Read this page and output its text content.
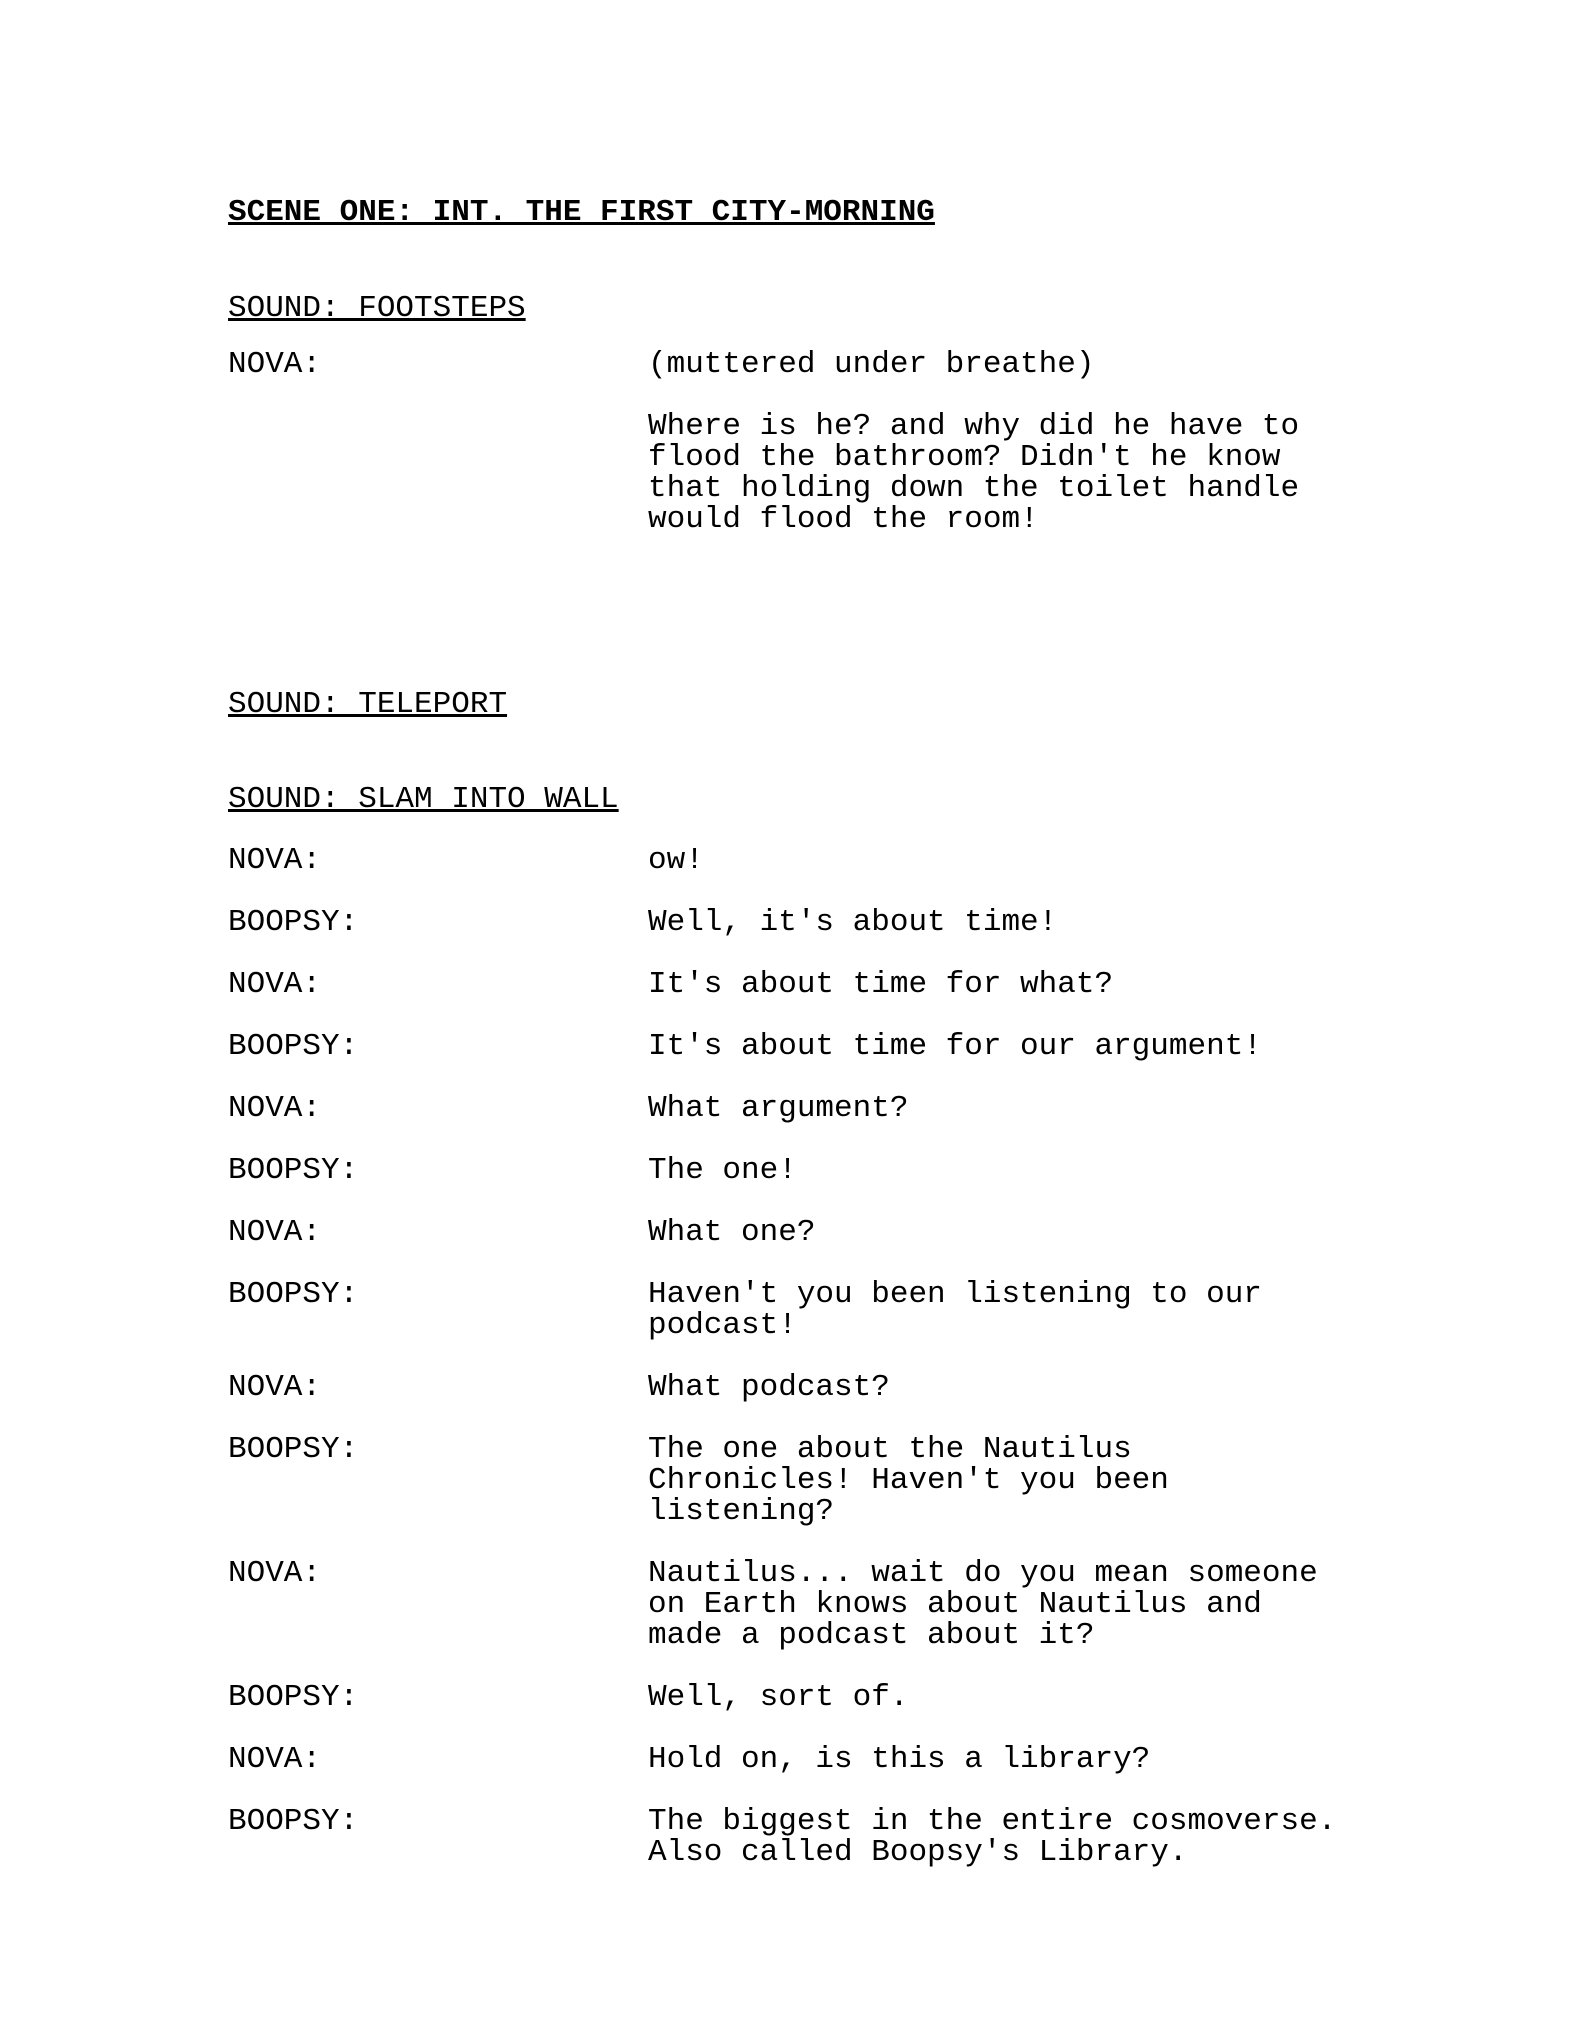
SCENE ONE: INT. THE FIRST CITY-MORNING
SOUND: FOOTSTEPS
NOVA:	(muttered under breathe)
Where is he? and why did he have to
flood the bathroom? Didn't he know
that holding down the toilet handle
would flood the room!
SOUND: TELEPORT
SOUND: SLAM INTO WALL
NOVA:	ow!
BOOPSY:	Well, it's about time!
NOVA:	It's about time for what?
BOOPSY:	It's about time for our argument!
NOVA:	What argument?
BOOPSY:	The one!
NOVA:	What one?
BOOPSY:	Haven't you been listening to our
podcast!
NOVA:	What podcast?
BOOPSY:	The one about the Nautilus
Chronicles! Haven't you been
listening?
NOVA:	Nautilus... wait do you mean someone
on Earth knows about Nautilus and
made a podcast about it?
BOOPSY:	Well, sort of.
NOVA:	Hold on, is this a library?
BOOPSY:	The biggest in the entire cosmoverse.
Also called Boopsy's Library.
